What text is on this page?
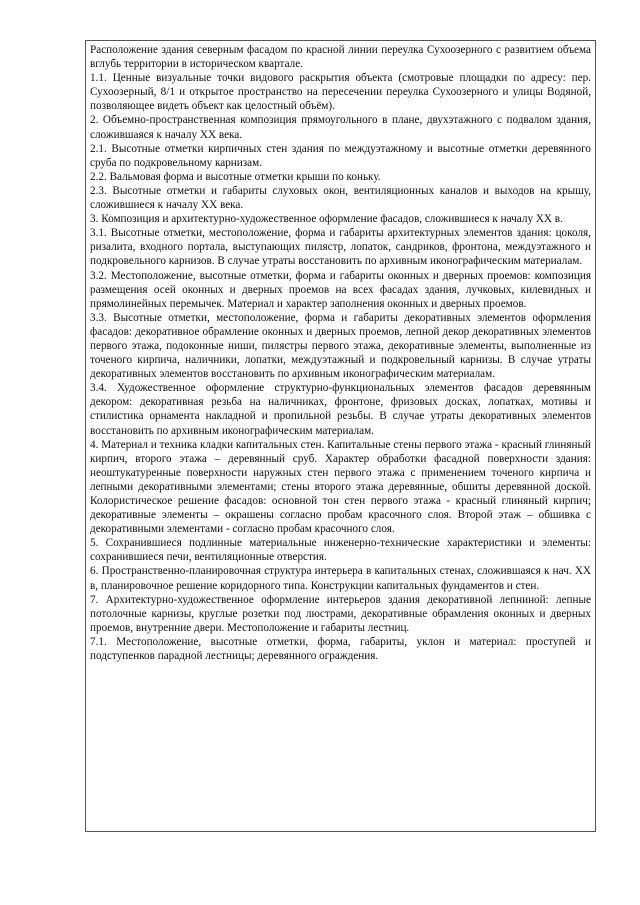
Расположение здания северным фасадом по красной линии переулка Сухоозерного с развитием объема вглубь территории в историческом квартале.

1.1. Ценные визуальные точки видового раскрытия объекта (смотровые площадки по адресу: пер. Сухоозерный, 8/1 и открытое пространство на пересечении переулка Сухоозерного и улицы Водяной, позволяющее видеть объект как целостный объём).

2. Объемно-пространственная композиция прямоугольного в плане, двухэтажного с подвалом здания, сложившаяся к началу ХХ века.

2.1. Высотные отметки кирпичных стен здания по междуэтажному и высотные отметки деревянного сруба по подкровельному карнизам.

2.2. Вальмовая форма и высотные отметки крыши по коньку.

2.3. Высотные отметки и габариты слуховых окон, вентиляционных каналов и выходов на крышу, сложившиеся к началу ХХ века.

3. Композиция и архитектурно-художественное оформление фасадов, сложившиеся к началу ХХ в.

3.1. Высотные отметки, местоположение, форма и габариты архитектурных элементов здания: цоколя, ризалита, входного портала, выступающих пилястр, лопаток, сандриков, фронтона, междуэтажного и подкровельного карнизов. В случае утраты восстановить по архивным иконографическим материалам.

3.2. Местоположение, высотные отметки, форма и габариты оконных и дверных проемов: композиция размещения осей оконных и дверных проемов на всех фасадах здания, лучковых, килевидных и прямолинейных перемычек. Материал и характер заполнения оконных и дверных проемов.

3.3. Высотные отметки, местоположение, форма и габариты декоративных элементов оформления фасадов: декоративное обрамление оконных и дверных проемов, лепной декор декоративных элементов первого этажа, подоконные ниши, пилястры первого этажа, декоративные элементы, выполненные из точеного кирпича, наличники, лопатки, междуэтажный и подкровельный карнизы. В случае утраты декоративных элементов восстановить по архивным иконографическим материалам.

3.4. Художественное оформление структурно-функциональных элементов фасадов деревянным декором: декоративная резьба на наличниках, фронтоне, фризовых досках, лопатках, мотивы и стилистика орнамента накладной и пропильной резьбы. В случае утраты декоративных элементов восстановить по архивным иконографическим материалам.

4. Материал и техника кладки капитальных стен. Капитальные стены первого этажа - красный глиняный кирпич, второго этажа – деревянный сруб. Характер обработки фасадной поверхности здания: неоштукатуренные поверхности наружных стен первого этажа с применением точеного кирпича и лепными декоративными элементами; стены второго этажа деревянные, обшиты деревянной доской. Колористическое решение фасадов: основной тон стен первого этажа - красный глиняный кирпич; декоративные элементы – окрашены согласно пробам красочного слоя. Второй этаж – обшивка с декоративными элементами - согласно пробам красочного слоя.

5. Сохранившиеся подлинные материальные инженерно-технические характеристики и элементы: сохранившиеся печи, вентиляционные отверстия.

6. Пространственно-планировочная структура интерьера в капитальных стенах, сложившаяся к нач. ХХ в, планировочное решение коридорного типа. Конструкции капитальных фундаментов и стен.

7. Архитектурно-художественное оформление интерьеров здания декоративной лепниной: лепные потолочные карнизы, круглые розетки под люстрами, декоративные обрамления оконных и дверных проемов, внутренние двери. Местоположение и габариты лестниц.

7.1. Местоположение, высотные отметки, форма, габариты, уклон и материал: проступей и подступенков парадной лестницы; деревянного ограждения.
